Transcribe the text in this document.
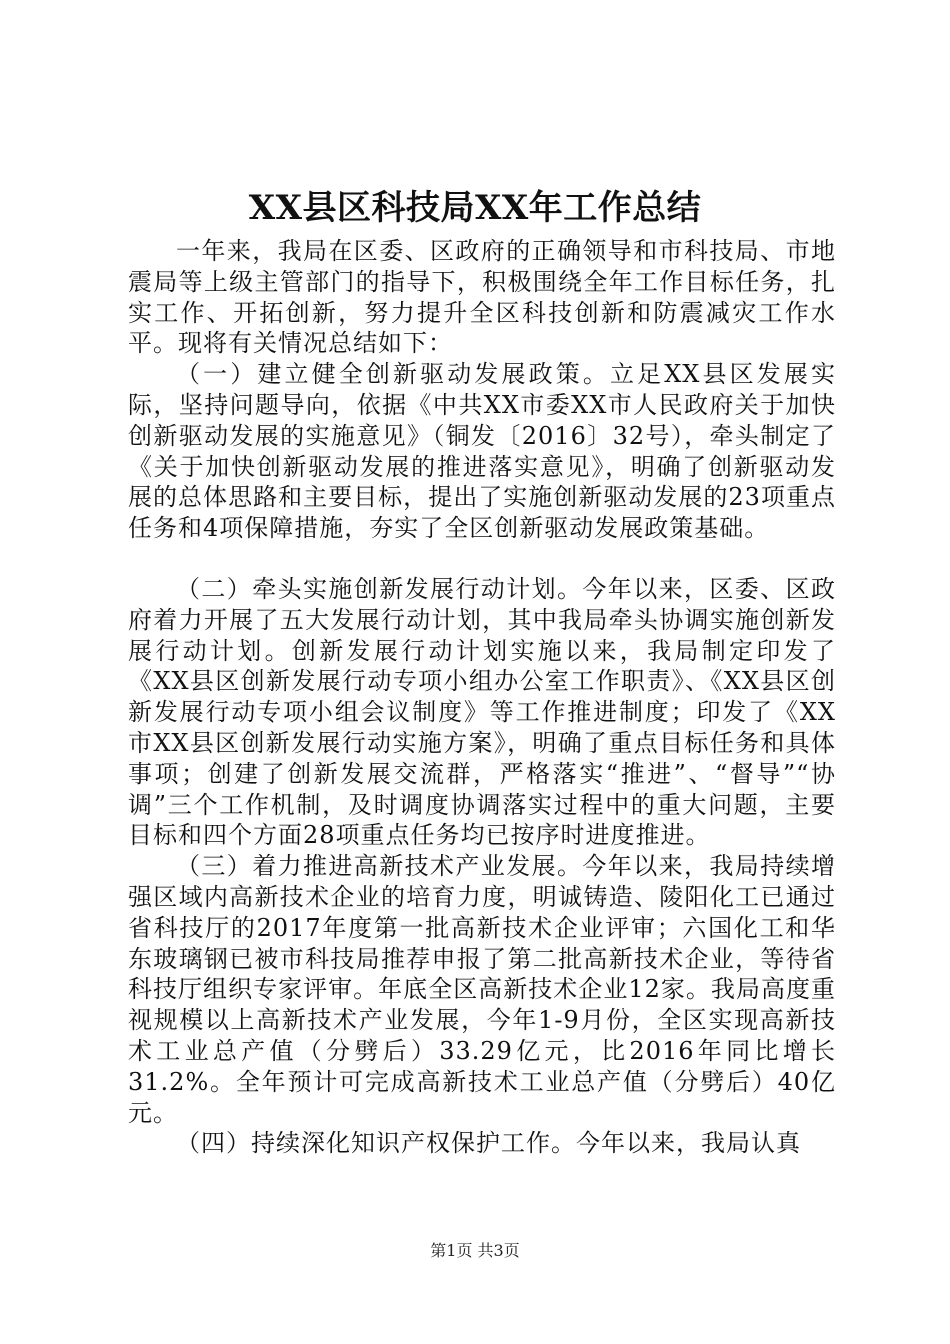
XX县区科技局XX年工作总结

一年来，我局在区委、区政府的正确领导和市科技局、市地震局等上级主管部门的指导下，积极围绕全年工作目标任务，扎实工作、开拓创新，努力提升全区科技创新和防震减灾工作水平。现将有关情况总结如下：

（一）建立健全创新驱动发展政策。立足XX县区发展实际，坚持问题导向，依据《中共XX市委XX市人民政府关于加快创新驱动发展的实施意见》（铜发〔2016〕32号），牵头制定了《关于加快创新驱动发展的推进落实意见》，明确了创新驱动发展的总体思路和主要目标，提出了实施创新驱动发展的23项重点任务和4项保障措施，夯实了全区创新驱动发展政策基础。

（二）牵头实施创新发展行动计划。今年以来，区委、区政府着力开展了五大发展行动计划，其中我局牵头协调实施创新发展行动计划。创新发展行动计划实施以来，我局制定印发了《XX县区创新发展行动专项小组办公室工作职责》、《XX县区创新发展行动专项小组会议制度》等工作推进制度；印发了《XX市XX县区创新发展行动实施方案》，明确了重点目标任务和具体事项；创建了创新发展交流群，严格落实“推进”、“督导”“协调”三个工作机制，及时调度协调落实过程中的重大问题，主要目标和四个方面28项重点任务均已按序时进度推进。

（三）着力推进高新技术产业发展。今年以来，我局持续增强区域内高新技术企业的培育力度，明诚铸造、陵阳化工已通过省科技厅的2017年度第一批高新技术企业评审；六国化工和华东玻璃钢已被市科技局推荐申报了第二批高新技术企业，等待省科技厅组织专家评审。年底全区高新技术企业12家。我局高度重视规模以上高新技术产业发展，今年1-9月份，全区实现高新技术工业总产值（分劈后）33.29亿元，比2016年同比增长31.2%。全年预计可完成高新技术工业总产值（分劈后）40亿元。

（四）持续深化知识产权保护工作。今年以来，我局认真

第1页 共3页
